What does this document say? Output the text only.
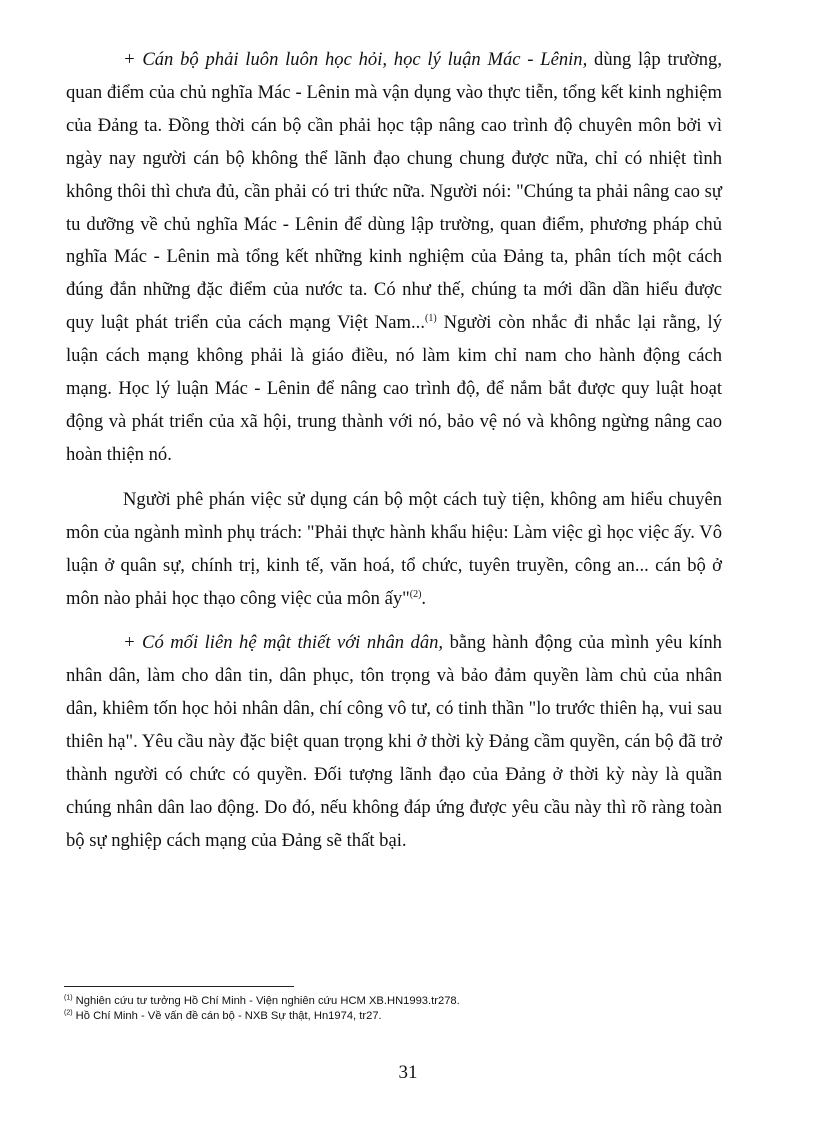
+ Cán bộ phải luôn luôn học hỏi, học lý luận Mác - Lênin, dùng lập trường, quan điểm của chủ nghĩa Mác - Lênin mà vận dụng vào thực tiễn, tổng kết kinh nghiệm của Đảng ta. Đồng thời cán bộ cần phải học tập nâng cao trình độ chuyên môn bởi vì ngày nay người cán bộ không thể lãnh đạo chung chung được nữa, chỉ có nhiệt tình không thôi thì chưa đủ, cần phải có tri thức nữa. Người nói: "Chúng ta phải nâng cao sự tu dưỡng về chủ nghĩa Mác - Lênin để dùng lập trường, quan điểm, phương pháp chủ nghĩa Mác - Lênin mà tổng kết những kinh nghiệm của Đảng ta, phân tích một cách đúng đắn những đặc điểm của nước ta. Có như thế, chúng ta mới dần dần hiểu được quy luật phát triển của cách mạng Việt Nam...$^{(1)}$ Người còn nhắc đi nhắc lại rằng, lý luận cách mạng không phải là giáo điều, nó làm kim chỉ nam cho hành động cách mạng. Học lý luận Mác - Lênin để nâng cao trình độ, để nắm bắt được quy luật hoạt động và phát triển của xã hội, trung thành với nó, bảo vệ nó và không ngừng nâng cao hoàn thiện nó.

Người phê phán việc sử dụng cán bộ một cách tuỳ tiện, không am hiểu chuyên môn của ngành mình phụ trách: "Phải thực hành khẩu hiệu: Làm việc gì học việc ấy. Vô luận ở quân sự, chính trị, kinh tế, văn hoá, tổ chức, tuyên truyền, công an... cán bộ ở môn nào phải học thạo công việc của môn ấy"$^{(2)}$.

+ Có mối liên hệ mật thiết với nhân dân, bằng hành động của mình yêu kính nhân dân, làm cho dân tin, dân phục, tôn trọng và bảo đảm quyền làm chủ của nhân dân, khiêm tốn học hỏi nhân dân, chí công vô tư, có tinh thần "lo trước thiên hạ, vui sau thiên hạ". Yêu cầu này đặc biệt quan trọng khi ở thời kỳ Đảng cầm quyền, cán bộ đã trở thành người có chức có quyền. Đối tượng lãnh đạo của Đảng ở thời kỳ này là quần chúng nhân dân lao động. Do đó, nếu không đáp ứng được yêu cầu này thì rõ ràng toàn bộ sự nghiệp cách mạng của Đảng sẽ thất bại.

$^{(1)}$ Nghiên cứu tư tưởng Hồ Chí Minh - Viện nghiên cứu HCM XB.HN1993.tr278.
$^{(2)}$ Hồ Chí Minh - Về vấn đề cán bộ - NXB Sự thật, Hn1974, tr27.
31
